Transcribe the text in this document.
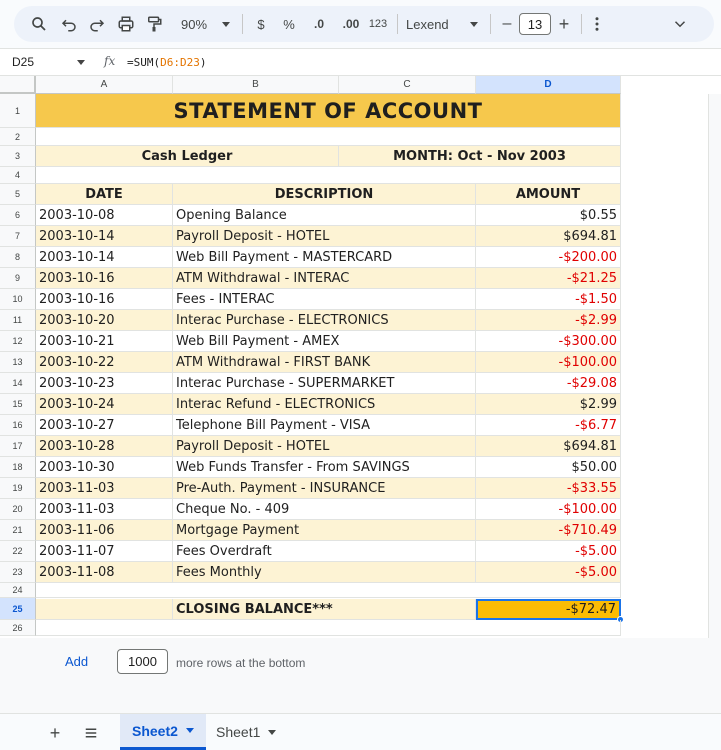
90%	$ % .0 .00 123 Lexend	– 13 +
D25	fx =SUM(D6:D23)
A	B	C	D
STATEMENT OF ACCOUNT
Cash Ledger	MONTH: Oct - Nov 2003
DATE	DESCRIPTION	AMOUNT
CLOSING BALANCE***	-$72.47
1
2
3
4
5
6
7
8
9
10
11
12
13
14
15
16
17
18
19
20
21
22
23
24
25
26
2003-10-08	Opening Balance	$0.55
2003-10-14	Payroll Deposit - HOTEL	$694.81
2003-10-14	Web Bill Payment - MASTERCARD	-$200.00
2003-10-16	ATM Withdrawal - INTERAC	-$21.25
2003-10-16	Fees - INTERAC	-$1.50
2003-10-20	Interac Purchase - ELECTRONICS	-$2.99
2003-10-21	Web Bill Payment - AMEX	-$300.00
2003-10-22	ATM Withdrawal - FIRST BANK	-$100.00
2003-10-23	Interac Purchase - SUPERMARKET	-$29.08
2003-10-24	Interac Refund - ELECTRONICS	$2.99
2003-10-27	Telephone Bill Payment - VISA	-$6.77
2003-10-28	Payroll Deposit - HOTEL	$694.81
2003-10-30	Web Funds Transfer - From SAVINGS	$50.00
2003-11-03	Pre-Auth. Payment - INSURANCE	-$33.55
2003-11-03	Cheque No. - 409	-$100.00
2003-11-06	Mortgage Payment	-$710.49
2003-11-07	Fees Overdraft	-$5.00
2003-11-08	Fees Monthly	-$5.00
Add	1000 more rows at the bottom
+	Sheet2	Sheet1
